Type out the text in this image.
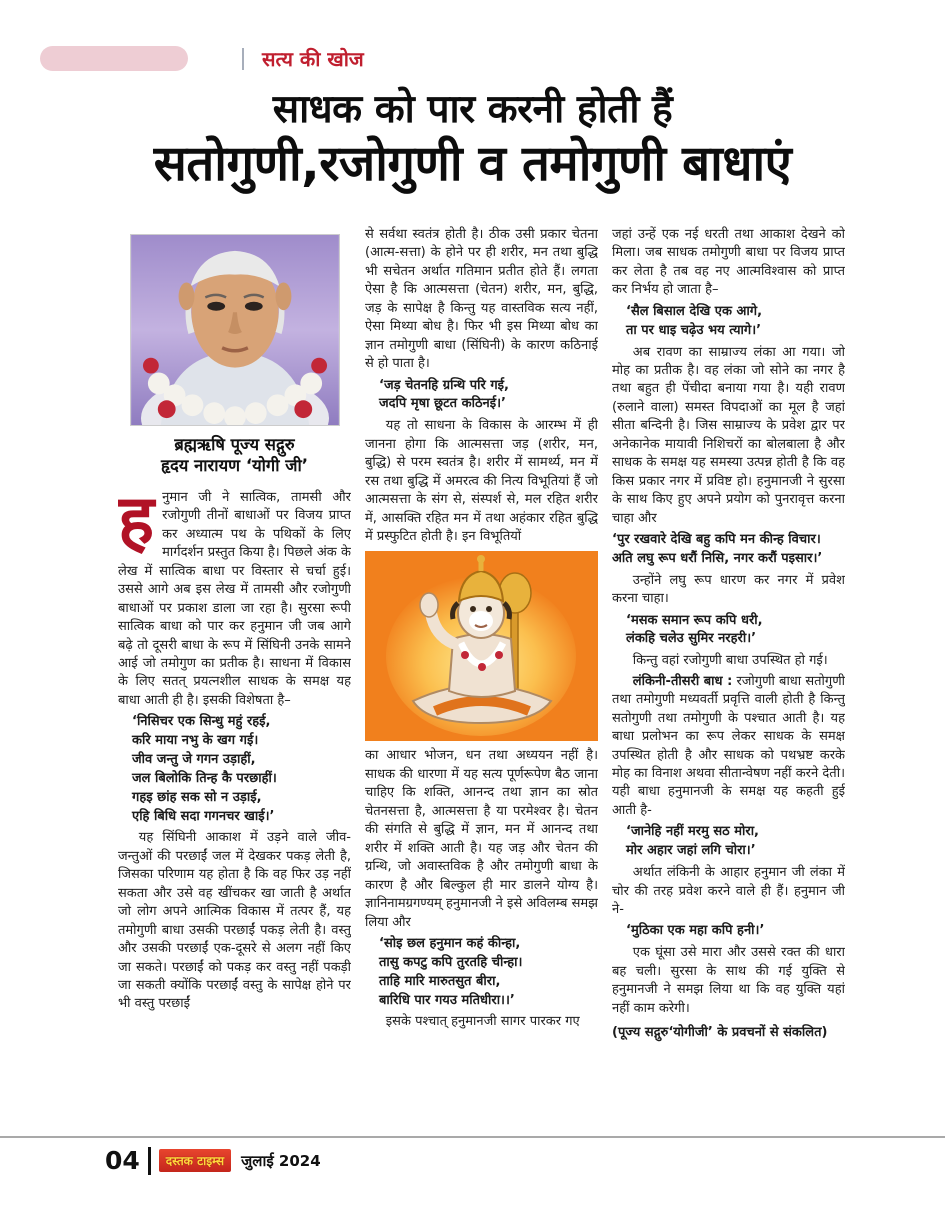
सत्य की खोज
साधक को पार करनी होती हैं
सतोगुणी,रजोगुणी व तमोगुणी बाधाएं
ब्रह्मऋषि पूज्य सद्गुरु
हृदय नारायण ‘योगी जी’

हनुमान जी ने सात्विक, तामसी और रजोगुणी तीनों बाधाओं पर विजय प्राप्त कर अध्यात्म पथ के पथिकों के लिए मार्गदर्शन प्रस्तुत किया है। पिछले अंक के लेख में सात्विक बाधा पर विस्तार से चर्चा हुई। उससे आगे अब इस लेख में तामसी और रजोगुणी बाधाओं पर प्रकाश डाला जा रहा है। सुरसा रूपी सात्विक बाधा को पार कर हनुमान जी जब आगे बढ़े तो दूसरी बाधा के रूप में सिंघिनी उनके सामने आई जो तमोगुण का प्रतीक है। साधना में विकास के लिए सतत् प्रयत्नशील साधक के समक्ष यह बाधा आती ही है। इसकी विशेषता है–

‘निसिचर एक सिन्धु महुं रहई,
करि माया नभु के खग गई।
जीव जन्तु जे गगन उड़ाहीं,
जल बिलोकि तिन्ह कै परछाहीं।
गहइ छांह सक सो न उड़ाई,
एहि बिधि सदा गगनचर खाई।’

यह सिंघिनी आकाश में उड़ने वाले जीव-जन्तुओं की परछाईं जल में देखकर पकड़ लेती है, जिसका परिणाम यह होता है कि वह फिर उड़ नहीं सकता और उसे वह खींचकर खा जाती है अर्थात जो लोग अपने आत्मिक विकास में तत्पर हैं, यह तमोगुणी बाधा उसकी परछाईं पकड़ लेती है। वस्तु और उसकी परछाईं एक-दूसरे से अलग नहीं किए जा सकते। परछाईं को पकड़ कर वस्तु नहीं पकड़ी जा सकती क्योंकि परछाईं वस्तु के सापेक्ष होने पर भी वस्तु परछाईं

से सर्वथा स्वतंत्र होती है। ठीक उसी प्रकार चेतना (आत्म-सत्ता) के होने पर ही शरीर, मन तथा बुद्धि भी सचेतन अर्थात गतिमान प्रतीत होते हैं। लगता ऐसा है कि आत्मसत्ता (चेतन) शरीर, मन, बुद्धि, जड़ के सापेक्ष है किन्तु यह वास्तविक सत्य नहीं, ऐसा मिथ्या बोध है। फिर भी इस मिथ्या बोध का ज्ञान तमोगुणी बाधा (सिंघिनी) के कारण कठिनाई से हो पाता है।

‘जड़ चेतनहि ग्रन्थि परि गई,
जदपि मृषा छूटत कठिनई।’

यह तो साधना के विकास के आरम्भ में ही जानना होगा कि आत्मसत्ता जड़ (शरीर, मन, बुद्धि) से परम स्वतंत्र है। शरीर में सामर्थ्य, मन में रस तथा बुद्धि में अमरत्व की नित्य विभूतियां हैं जो आत्मसत्ता के संग से, संस्पर्श से, मल रहित शरीर में, आसक्ति रहित मन में तथा अहंकार रहित बुद्धि में प्रस्फुटित होती है। इन विभूतियों

का आधार भोजन, धन तथा अध्ययन नहीं है। साधक की धारणा में यह सत्य पूर्णरूपेण बैठ जाना चाहिए कि शक्ति, आनन्द तथा ज्ञान का स्रोत चेतनसत्ता है, आत्मसत्ता है या परमेश्वर है। चेतन की संगति से बुद्धि में ज्ञान, मन में आनन्द तथा शरीर में शक्ति आती है। यह जड़ और चेतन की ग्रन्थि, जो अवास्तविक है और तमोगुणी बाधा के कारण है और बिल्कुल ही मार डालने योग्य है। ज्ञानिनामग्रगण्यम् हनुमानजी ने इसे अविलम्ब समझ लिया और

‘सोइ छल हनुमान कहं कीन्हा,
तासु कपटु कपि तुरतहि चीन्हा।
ताहि मारि मारुतसुत बीरा,
बारिधि पार गयउ मतिधीरा।।’

इसके पश्चात् हनुमानजी सागर पारकर गए

जहां उन्हें एक नई धरती तथा आकाश देखने को मिला। जब साधक तमोगुणी बाधा पर विजय प्राप्त कर लेता है तब वह नए आत्मविश्वास को प्राप्त कर निर्भय हो जाता है–

‘सैल बिसाल देखि एक आगे,
ता पर धाइ चढ़ेउ भय त्यागे।’

अब रावण का साम्राज्य लंका आ गया। जो मोह का प्रतीक है। वह लंका जो सोने का नगर है तथा बहुत ही पेंचीदा बनाया गया है। यही रावण (रुलाने वाला) समस्त विपदाओं का मूल है जहां सीता बन्दिनी है। जिस साम्राज्य के प्रवेश द्वार पर अनेकानेक मायावी निशिचरों का बोलबाला है और साधक के समक्ष यह समस्या उत्पन्न होती है कि वह किस प्रकार नगर में प्रविष्ट हो। हनुमानजी ने सुरसा के साथ किए हुए अपने प्रयोग को पुनरावृत्त करना चाहा और

‘पुर रखवारे देखि बहु कपि मन कीन्ह विचार।
अति लघु रूप धरौं निसि, नगर करौं पइसार।’

उन्होंने लघु रूप धारण कर नगर में प्रवेश करना चाहा।

‘मसक समान रूप कपि धरी,
लंकहि चलेउ सुमिर नरहरी।’

किन्तु वहां रजोगुणी बाधा उपस्थित हो गई।

लंकिनी-तीसरी बाध : रजोगुणी बाधा सतोगुणी तथा तमोगुणी मध्यवर्ती प्रवृत्ति वाली होती है किन्तु सतोगुणी तथा तमोगुणी के पश्चात आती है। यह बाधा प्रलोभन का रूप लेकर साधक के समक्ष उपस्थित होती है और साधक को पथभ्रष्ट करके मोह का विनाश अथवा सीतान्वेषण नहीं करने देती। यही बाधा हनुमानजी के समक्ष यह कहती हुई आती है-

‘जानेहि नहीं मरमु सठ मोरा,
मोर अहार जहां लगि चोरा।’

अर्थात लंकिनी के आहार हनुमान जी लंका में चोर की तरह प्रवेश करने वाले ही हैं। हनुमान जी ने-

‘मुठिका एक महा कपि हनी।’

एक घूंसा उसे मारा और उससे रक्त की धारा बह चली। सुरसा के साथ की गई युक्ति से हनुमानजी ने समझ लिया था कि वह युक्ति यहां नहीं काम करेगी।

(पूज्य सद्गुरु‘योगीजी’ के प्रवचनों से संकलित)

04	दस्तक टाइम्स	जुलाई 2024
